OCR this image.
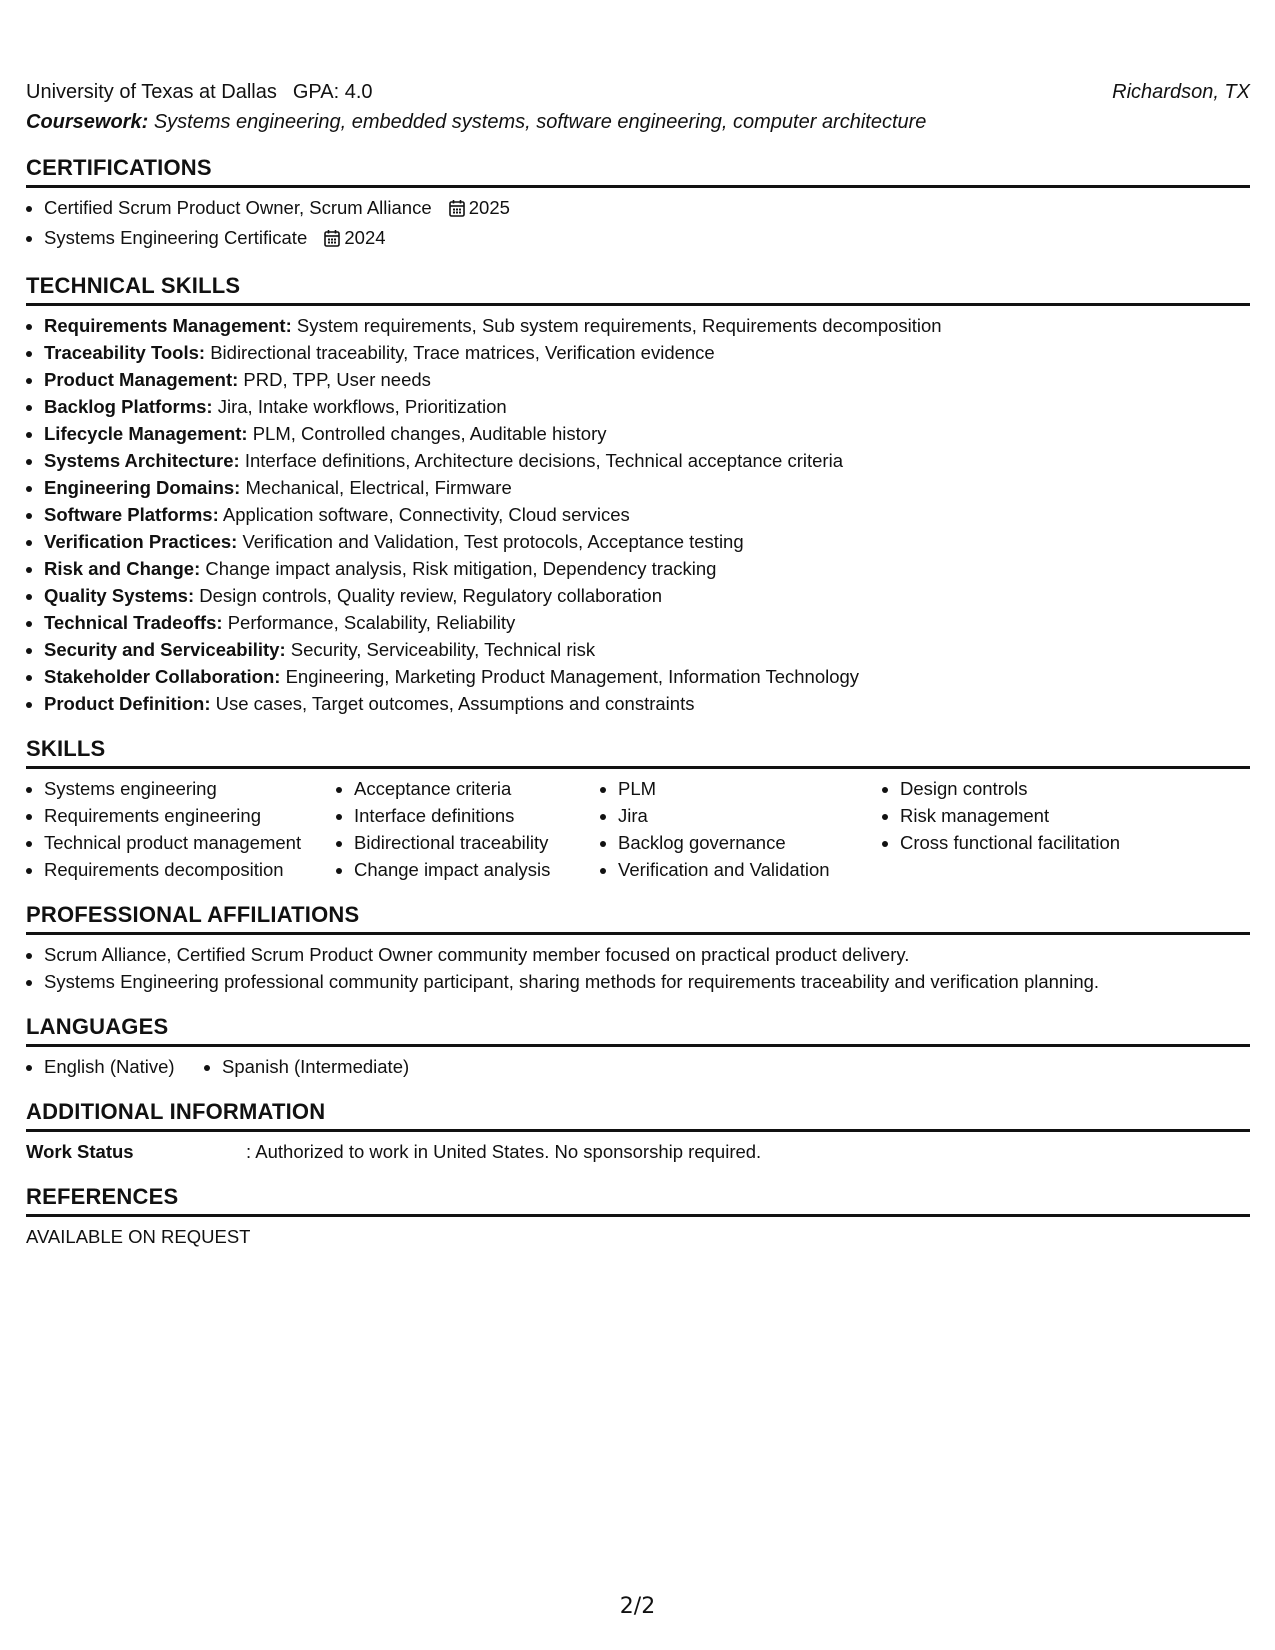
University of Texas at Dallas GPA: 4.0	Richardson, TX
Coursework: Systems engineering, embedded systems, software engineering, computer architecture
CERTIFICATIONS
• Certified Scrum Product Owner, Scrum Alliance 2025
• Systems Engineering Certificate 2024
TECHNICAL SKILLS
• Requirements Management: System requirements, Sub system requirements, Requirements decomposition
• Traceability Tools: Bidirectional traceability, Trace matrices, Verification evidence
• Product Management: PRD, TPP, User needs
• Backlog Platforms: Jira, Intake workflows, Prioritization
• Lifecycle Management: PLM, Controlled changes, Auditable history
• Systems Architecture: Interface definitions, Architecture decisions, Technical acceptance criteria
• Engineering Domains: Mechanical, Electrical, Firmware
• Software Platforms: Application software, Connectivity, Cloud services
• Verification Practices: Verification and Validation, Test protocols, Acceptance testing
• Risk and Change: Change impact analysis, Risk mitigation, Dependency tracking
• Quality Systems: Design controls, Quality review, Regulatory collaboration
• Technical Tradeoffs: Performance, Scalability, Reliability
• Security and Serviceability: Security, Serviceability, Technical risk
• Stakeholder Collaboration: Engineering, Marketing Product Management, Information Technology
• Product Definition: Use cases, Target outcomes, Assumptions and constraints
SKILLS
• Systems engineering
• Requirements engineering
• Technical product management
• Requirements decomposition
• Acceptance criteria
• Interface definitions
• Bidirectional traceability
• Change impact analysis
• PLM
• Jira
• Backlog governance
• Verification and Validation
• Design controls
• Risk management
• Cross functional facilitation
PROFESSIONAL AFFILIATIONS
• Scrum Alliance, Certified Scrum Product Owner community member focused on practical product delivery.
• Systems Engineering professional community participant, sharing methods for requirements traceability and verification planning.
LANGUAGES
• English (Native)
•	Spanish (Intermediate)
ADDITIONAL INFORMATION
Work Status	: Authorized to work in United States. No sponsorship required.
REFERENCES
AVAILABLE ON REQUEST
2/2
